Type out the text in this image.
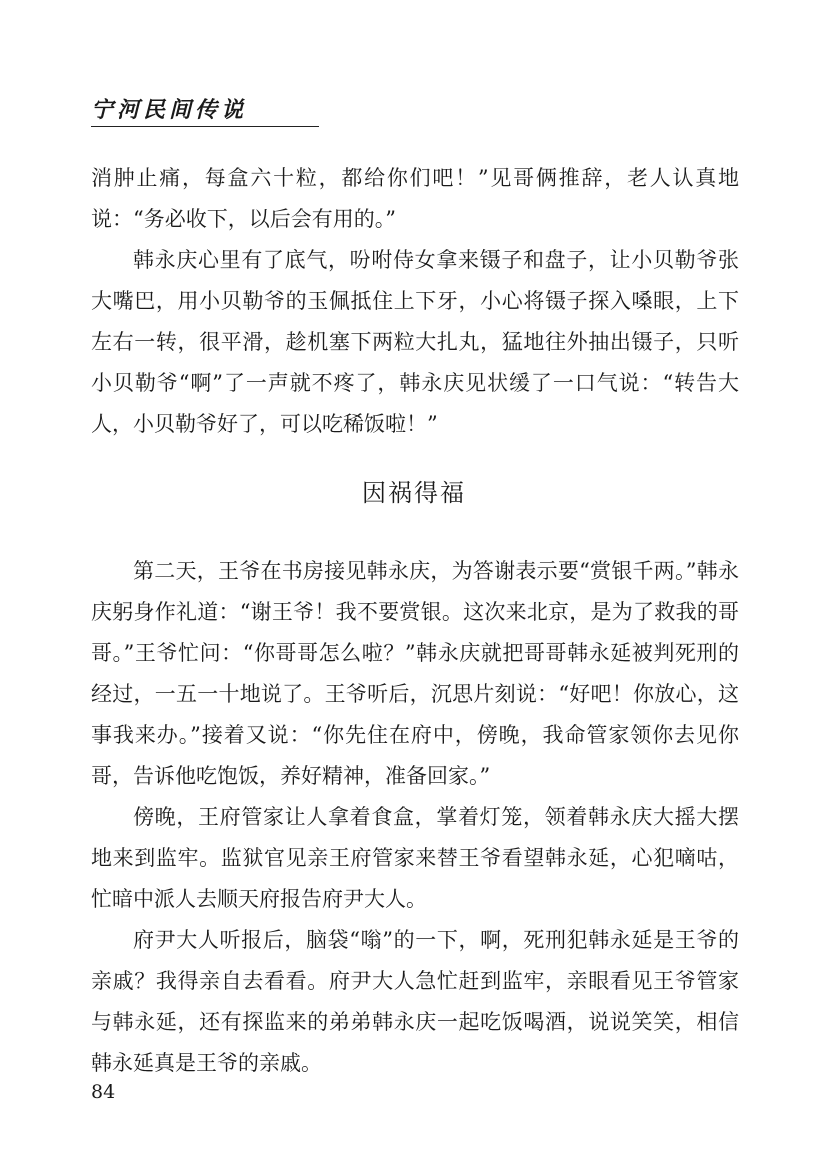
宁河民间传说

消肿止痛，每盒六十粒，都给你们吧！”见哥俩推辞，老人认真地说：“务必收下，以后会有用的。”

韩永庆心里有了底气，吩咐侍女拿来镊子和盘子，让小贝勒爷张大嘴巴，用小贝勒爷的玉佩抵住上下牙，小心将镊子探入嗓眼，上下左右一转，很平滑，趁机塞下两粒大扎丸，猛地往外抽出镊子，只听小贝勒爷“啊”了一声就不疼了，韩永庆见状缓了一口气说：“转告大人，小贝勒爷好了，可以吃稀饭啦！”

因祸得福

第二天，王爷在书房接见韩永庆，为答谢表示要“赏银千两。”韩永庆躬身作礼道：“谢王爷！我不要赏银。这次来北京，是为了救我的哥哥。”王爷忙问：“你哥哥怎么啦？”韩永庆就把哥哥韩永延被判死刑的经过，一五一十地说了。王爷听后，沉思片刻说：“好吧！你放心，这事我来办。”接着又说：“你先住在府中，傍晚，我命管家领你去见你哥，告诉他吃饱饭，养好精神，准备回家。”

傍晚，王府管家让人拿着食盒，掌着灯笼，领着韩永庆大摇大摆地来到监牢。监狱官见亲王府管家来替王爷看望韩永延，心犯嘀咕，忙暗中派人去顺天府报告府尹大人。

府尹大人听报后，脑袋“嗡”的一下，啊，死刑犯韩永延是王爷的亲戚？我得亲自去看看。府尹大人急忙赶到监牢，亲眼看见王爷管家与韩永延，还有探监来的弟弟韩永庆一起吃饭喝酒，说说笑笑，相信韩永延真是王爷的亲戚。

84
